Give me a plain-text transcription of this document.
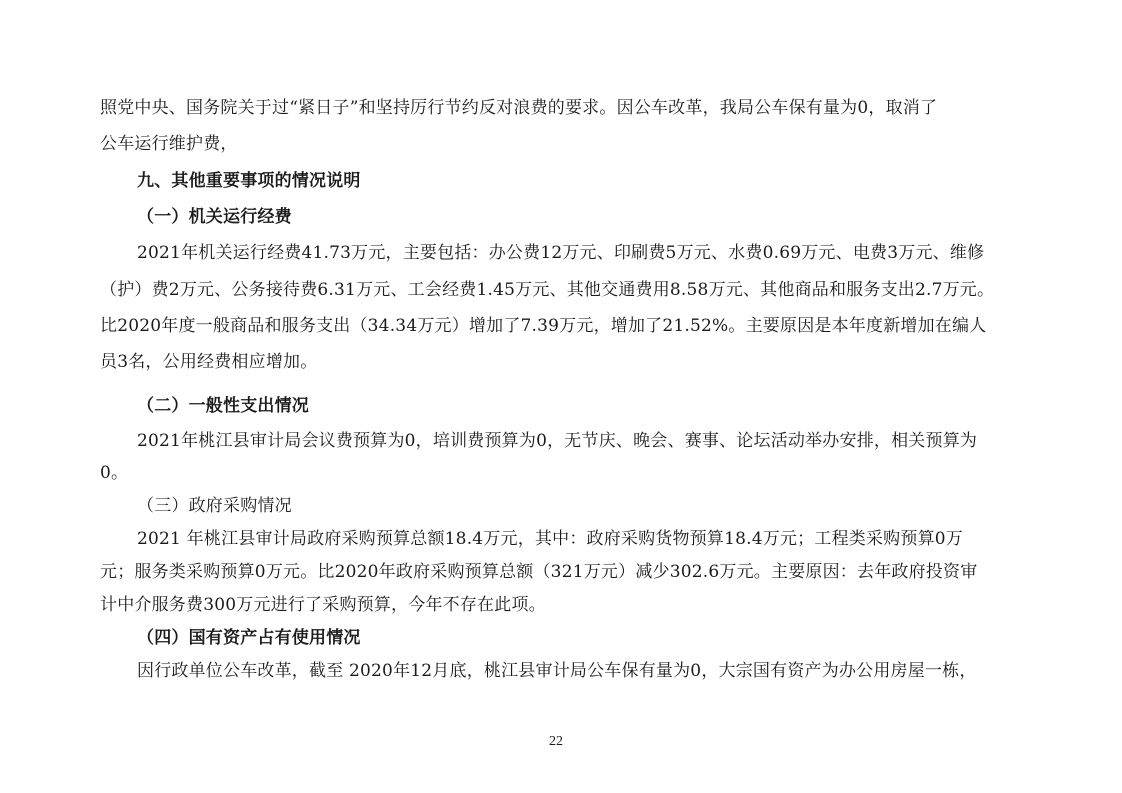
照党中央、国务院关于过“紧日子”和坚持厉行节约反对浪费的要求。因公车改革，我局公车保有量为0，取消了
公车运行维护费，
九、其他重要事项的情况说明
（一）机关运行经费
2021年机关运行经费41.73万元，主要包括：办公费12万元、印刷费5万元、水费0.69万元、电费3万元、维修
（护）费2万元、公务接待费6.31万元、工会经费1.45万元、其他交通费用8.58万元、其他商品和服务支出2.7万元。
比2020年度一般商品和服务支出（34.34万元）增加了7.39万元，增加了21.52%。主要原因是本年度新增加在编人
员3名，公用经费相应增加。
（二）一般性支出情况
2021年桃江县审计局会议费预算为0，培训费预算为0，无节庆、晚会、赛事、论坛活动举办安排，相关预算为
0。
（三）政府采购情况
2021 年桃江县审计局政府采购预算总额18.4万元，其中：政府采购货物预算18.4万元；工程类采购预算0万
元；服务类采购预算0万元。比2020年政府采购预算总额（321万元）减少302.6万元。主要原因：去年政府投资审
计中介服务费300万元进行了采购预算，今年不存在此项。
（四）国有资产占有使用情况
因行政单位公车改革，截至 2020年12月底，桃江县审计局公车保有量为0，大宗国有资产为办公用房屋一栋，
22
